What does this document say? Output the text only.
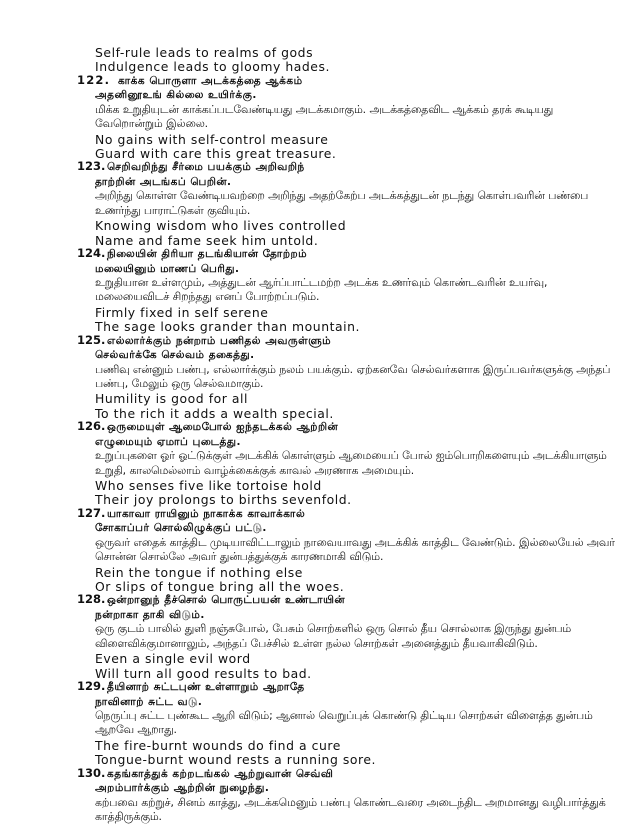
Self-rule leads to realms of gods
Indulgence leads to gloomy hades.
122. காக்க பொருளா அடக்கத்தை ஆக்கம்
அதனினூஉங் கில்லை உயிர்க்கு.
மிக்க உறுதியுடன் காக்கப்படவேண்டியது அடக்கமாகும். அடக்கத்தைவிட ஆக்கம் தரக் கூடியது
வேறொன்றும் இல்லை.
No gains with self-control measure
Guard with care this great treasure.
123. செறிவறிந்து சீர்மை பயக்கும் அறிவறிந்
தாற்றின் அடங்கப் பெறின்.
அறிந்து கொள்ள வேண்டியவற்றை அறிந்து அதற்கேற்ப அடக்கத்துடன் நடந்து கொள்பவரின் பண்பை
உணர்ந்து பாராட்டுகள் குவியும்.
Knowing wisdom who lives controlled
Name and fame seek him untold.
124. நிலையின் திரியா தடங்கியான் தோற்றம்
மலையினும் மாணப் பெரிது.
உறுதியான உள்ளமும், அத்துடன் ஆர்ப்பாட்டமற்ற அடக்க உணர்வும் கொண்டவரின் உயர்வு,
மலையைவிடச் சிறந்தது எனப் போற்றப்படும்.
Firmly fixed in self serene
The sage looks grander than mountain.
125. எல்லார்க்கும் நன்றாம் பணிதல் அவருள்ளும்
செல்வர்க்கே செல்வம் தகைத்து.
பணிவு என்னும் பண்பு, எல்லார்க்கும் நலம் பயக்கும். ஏற்கனவே செல்வர்களாக இருப்பவர்களுக்கு அந்தப்
பண்பு, மேலும் ஒரு செல்வமாகும்.
Humility is good for all
To the rich it adds a wealth special.
126. ஒருமையுள் ஆமைபோல் ஐந்தடக்கல் ஆற்றின்
எழுமையும் ஏமாப் புடைத்து.
உறுப்புகளை ஓர் ஓட்டுக்குள் அடக்கிக் கொள்ளும் ஆமையைப் போல் ஐம்பொறிகளையும் அடக்கியாளும்
உறுதி, காலமெல்லாம் வாழ்க்கைக்குக் காவல் அரணாக அமையும்.
Who senses five like tortoise hold
Their joy prolongs to births sevenfold.
127. யாகாவா ராயினும் நாகாக்க காவாக்கால்
சோகாப்பர் சொல்லிழுக்குப் பட்டு.
ஒருவர் எதைக் காத்திட முடியாவிட்டாலும் நாவையாவது அடக்கிக் காத்திட வேண்டும். இல்லையேல் அவர்
சொன்ன சொல்லே அவர் துன்பத்துக்குக் காரணமாகி விடும்.
Rein the tongue if nothing else
Or slips of tongue bring all the woes.
128. ஒன்றானுந் தீச்சொல் பொருட்பயன் உண்டாயின்
நன்றாகா தாகி விடும்.
ஒரு குடம் பாலில் துளி நஞ்சுபோல், பேசும் சொற்களில் ஒரு சொல் தீய சொல்லாக இருந்து துன்பம்
விளைவிக்குமானாலும், அந்தப் பேச்சில் உள்ள நல்ல சொற்கள் அனைத்தும் தீயவாகிவிடும்.
Even a single evil word
Will turn all good results to bad.
129. தீயினாற் சுட்டபுண் உள்ளாறும் ஆறாதே
நாவினாற் சுட்ட வடு.
நெருப்பு சுட்ட புண்கூட ஆறி விடும்; ஆனால் வெறுப்புக் கொண்டு திட்டிய சொற்கள் விளைத்த துன்பம்
ஆறவே ஆறாது.
The fire-burnt wounds do find a cure
Tongue-burnt wound rests a running sore.
130. கதங்காத்துக் கற்றடங்கல் ஆற்றுவான் செவ்வி
அறம்பார்க்கும் ஆற்றின் நுழைந்து.
கற்பவை கற்றுச், சினம் காத்து, அடக்கமெனும் பண்பு கொண்டவரை அடைந்திட அறமானது வழிபார்த்துக்
காத்திருக்கும்.
